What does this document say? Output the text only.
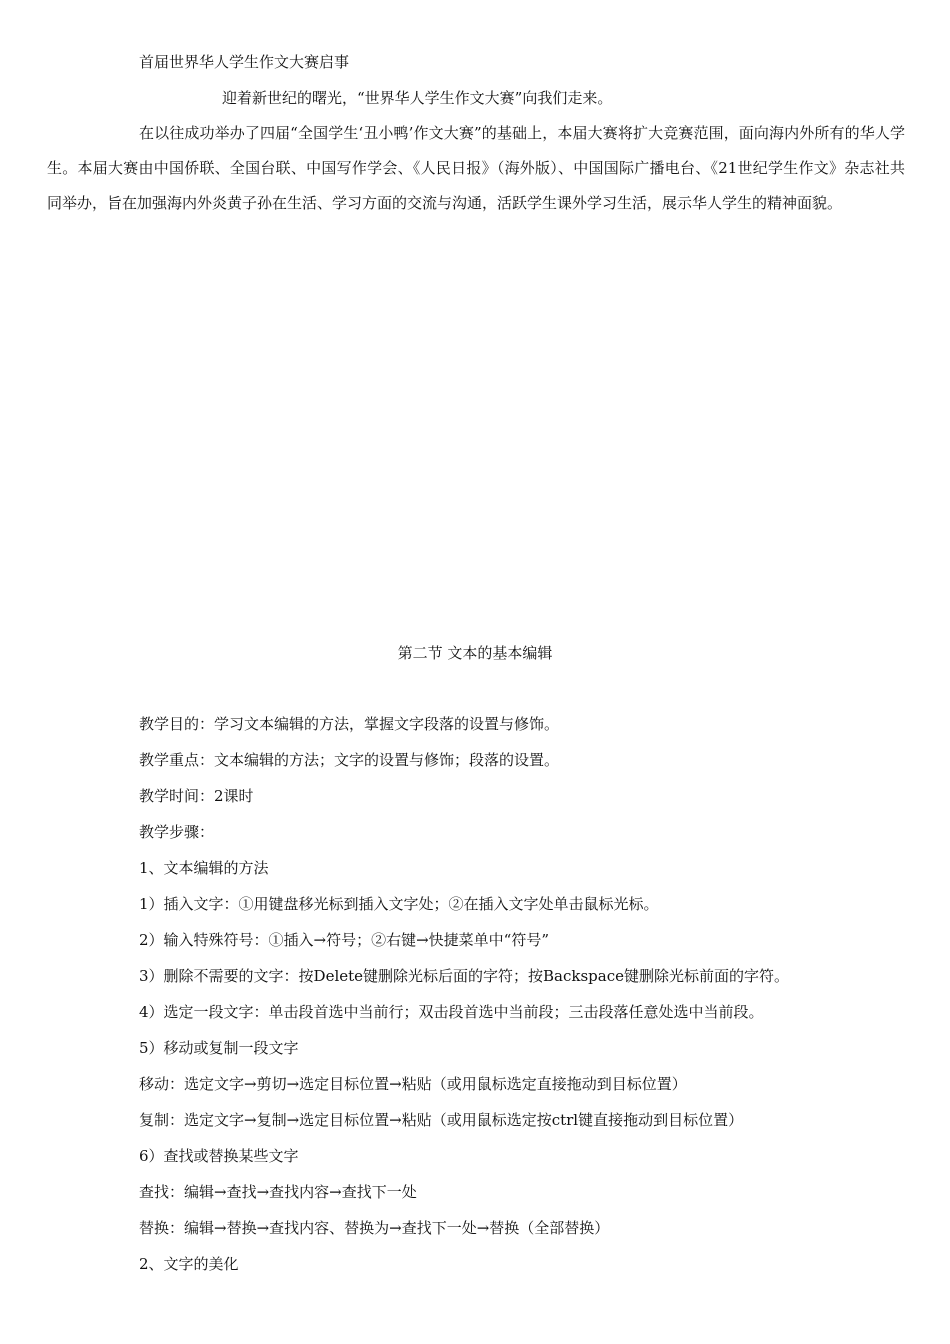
首届世界华人学生作文大赛启事
迎着新世纪的曙光，“世界华人学生作文大赛”向我们走来。
在以往成功举办了四届“全国学生‘丑小鸭’作文大赛”的基础上，本届大赛将扩大竞赛范围，面向海内外所有的华人学生。本届大赛由中国侨联、全国台联、中国写作学会、《人民日报》（海外版）、中国国际广播电台、《21世纪学生作文》杂志社共同举办，旨在加强海内外炎黄子孙在生活、学习方面的交流与沟通，活跃学生课外学习生活，展示华人学生的精神面貌。
第二节 文本的基本编辑
教学目的：学习文本编辑的方法，掌握文字段落的设置与修饰。
教学重点：文本编辑的方法；文字的设置与修饰；段落的设置。
教学时间：2课时
教学步骤：
1、文本编辑的方法
1）插入文字：①用键盘移光标到插入文字处；②在插入文字处单击鼠标光标。
2）输入特殊符号：①插入→符号；②右键→快捷菜单中“符号”
3）删除不需要的文字：按Delete键删除光标后面的字符；按Backspace键删除光标前面的字符。
4）选定一段文字：单击段首选中当前行；双击段首选中当前段；三击段落任意处选中当前段。
5）移动或复制一段文字
移动：选定文字→剪切→选定目标位置→粘贴（或用鼠标选定直接拖动到目标位置）
复制：选定文字→复制→选定目标位置→粘贴（或用鼠标选定按ctrl键直接拖动到目标位置）
6）查找或替换某些文字
查找：编辑→查找→查找内容→查找下一处
替换：编辑→替换→查找内容、替换为→查找下一处→替换（全部替换）
2、文字的美化
